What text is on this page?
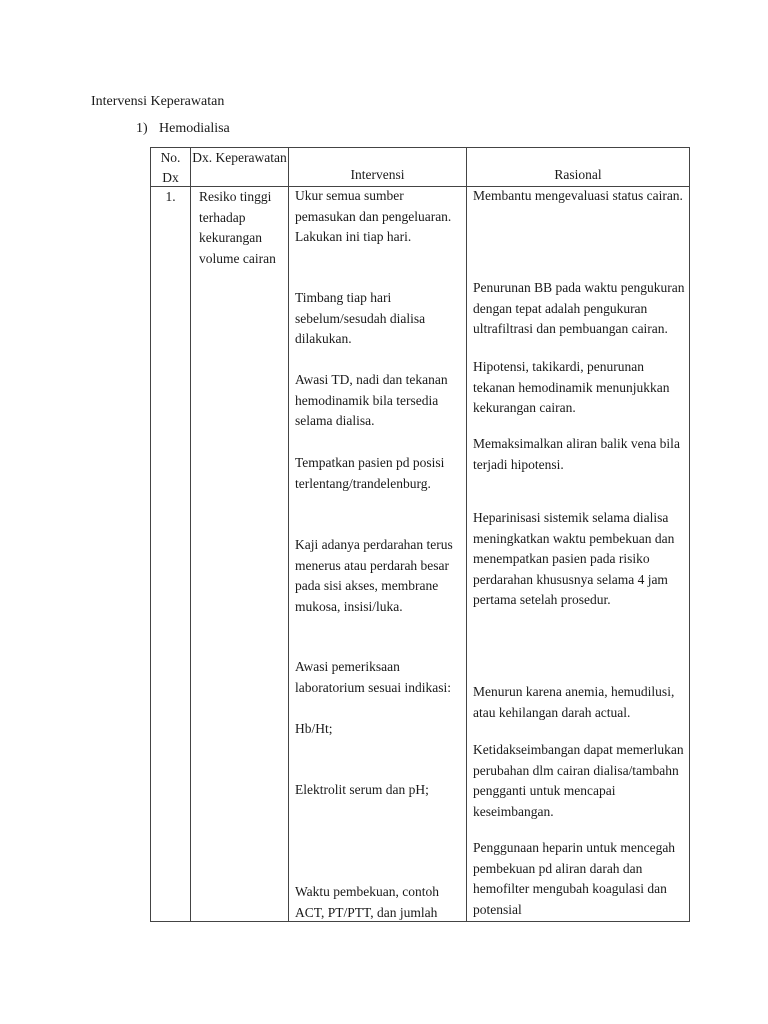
Intervensi Keperawatan
1) Hemodialisa
No. Dx
Dx. Keperawatan
Intervensi	Rasional
1.	Resiko tinggi terhadap kekurangan volume cairan
Ukur semua sumber pemasukan dan pengeluaran. Lakukan ini tiap hari.
Timbang tiap hari sebelum/sesudah dialisa dilakukan.
Awasi TD, nadi dan tekanan hemodinamik bila tersedia selama dialisa.
Tempatkan pasien pd posisi terlentang/trandelenburg.
Kaji adanya perdarahan terus menerus atau perdarah besar pada sisi akses, membrane mukosa, insisi/luka.
Awasi pemeriksaan laboratorium sesuai indikasi:
Hb/Ht;
Elektrolit serum dan pH;
Waktu pembekuan, contoh ACT, PT/PTT, dan jumlah
Membantu mengevaluasi status cairan.
Penurunan BB pada waktu pengukuran dengan tepat adalah pengukuran ultrafiltrasi dan pembuangan cairan.
Hipotensi, takikardi, penurunan tekanan hemodinamik menunjukkan kekurangan cairan.
Memaksimalkan aliran balik vena bila terjadi hipotensi.
Heparinisasi sistemik selama dialisa meningkatkan waktu pembekuan dan menempatkan pasien pada risiko perdarahan khususnya selama 4 jam pertama setelah prosedur.
Menurun karena anemia, hemudilusi, atau kehilangan darah actual.
Ketidakseimbangan dapat memerlukan perubahan dlm cairan dialisa/tambahn pengganti untuk mencapai keseimbangan.
Penggunaan heparin untuk mencegah pembekuan pd aliran darah dan hemofilter mengubah koagulasi dan potensial
